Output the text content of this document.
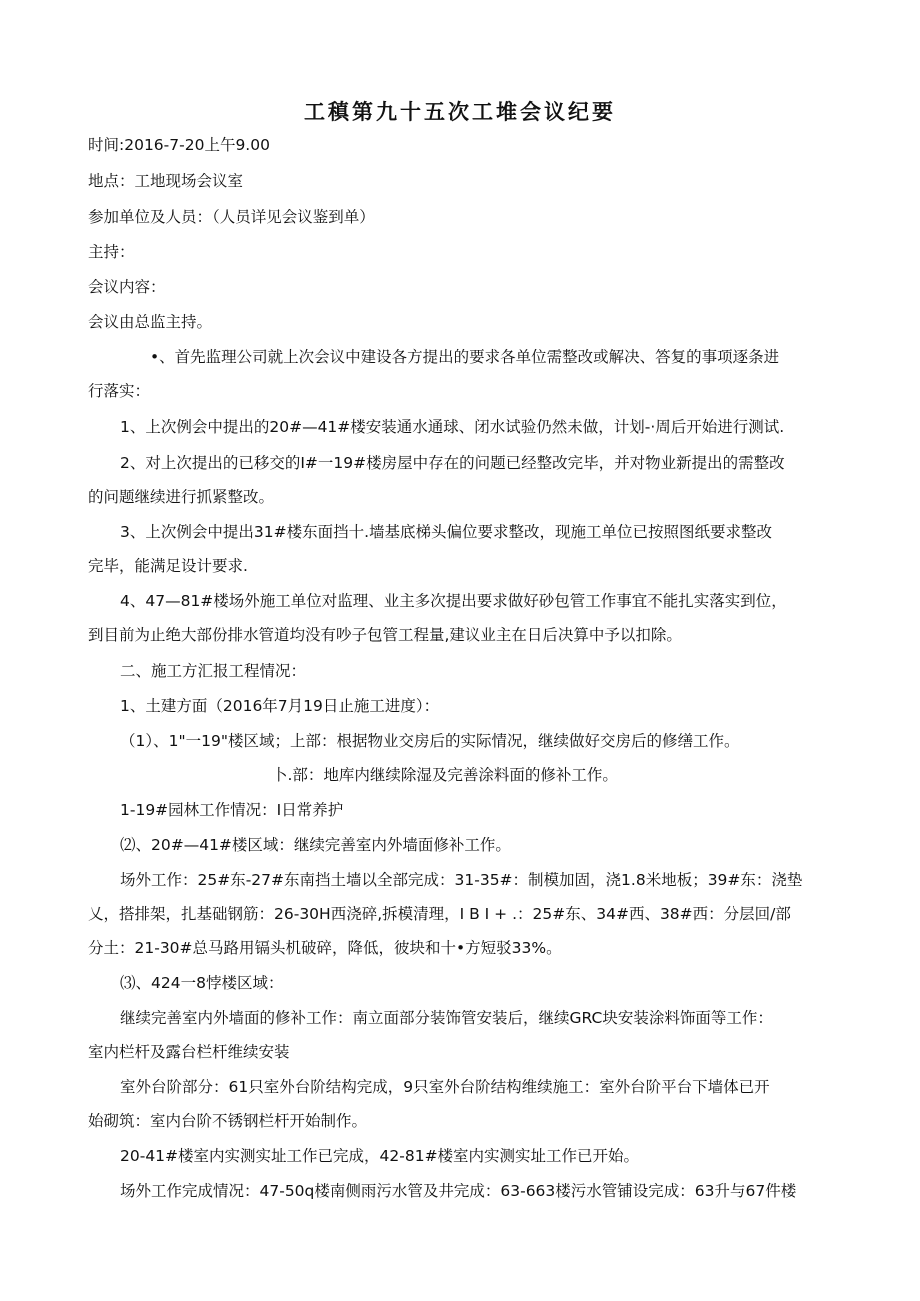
工稹第九十五次工堆会议纪要
时间:2016-7-20上午9.00
地点：工地现场会议室
参加单位及人员：（人员详见会议鉴到单）
主持：
会议内容：
会议由总监主持。
•、首先监理公司就上次会议中建设各方提出的要求各单位需整改或解决、答复的事项逐条进
行落实：
1、上次例会中提出的20#—41#楼安装通水通球、闭水试验仍然未做，计划-·周后开始进行测试.
2、对上次提出的已移交的I#一19#楼房屋中存在的问题已经整改完毕，并对物业新提出的需整改
的问题继续进行抓紧整改。
3、上次例会中提出31#楼东面挡十.墙基底梯头偏位要求整改，现施工单位已按照图纸要求整改
完毕，能满足设计要求.
4、47—81#楼场外施工单位对监理、业主多次提出要求做好砂包管工作事宜不能扎实落实到位，
到目前为止绝大部份排水管道均没有吵子包管工程量,建议业主在日后决算中予以扣除。
二、施工方汇报工程情况：
1、土建方面（2016年7月19日止施工进度）：
（1）、1"一19"楼区域；上部：根据物业交房后的实际情况，继续做好交房后的修缮工作。
卜.部：地库内继续除湿及完善涂料面的修补工作。
1-19#园林工作情况：I日常养护
⑵、20#—41#楼区域：继续完善室内外墙面修补工作。
场外工作：25#东-27#东南挡土墙以全部完成：31-35#：制模加固，浇1.8米地板；39#东：浇垫
乂，搭排架，扎基础钢筋：26-30H西浇碎,拆模清理，I B I + .：25#东、34#西、38#西：分层回/部
分土：21-30#总马路用镉头机破碎，降低，彼块和十•方短驳33%。
⑶、424一8悖楼区域：
继续完善室内外墙面的修补工作：南立面部分装饰管安装后，继续GRC块安装涂料饰面等工作：
室内栏杆及露台栏杆维续安装
室外台阶部分：61只室外台阶结构完成，9只室外台阶结构维续施工：室外台阶平台下墙体已开
始砌筑：室内台阶不锈钢栏杆开始制作。
20-41#楼室内实测实址工作已完成，42-81#楼室内实测实址工作已开始。
场外工作完成情况：47-50q楼南侧雨污水管及井完成：63-663楼污水管铺设完成：63升与67件楼
